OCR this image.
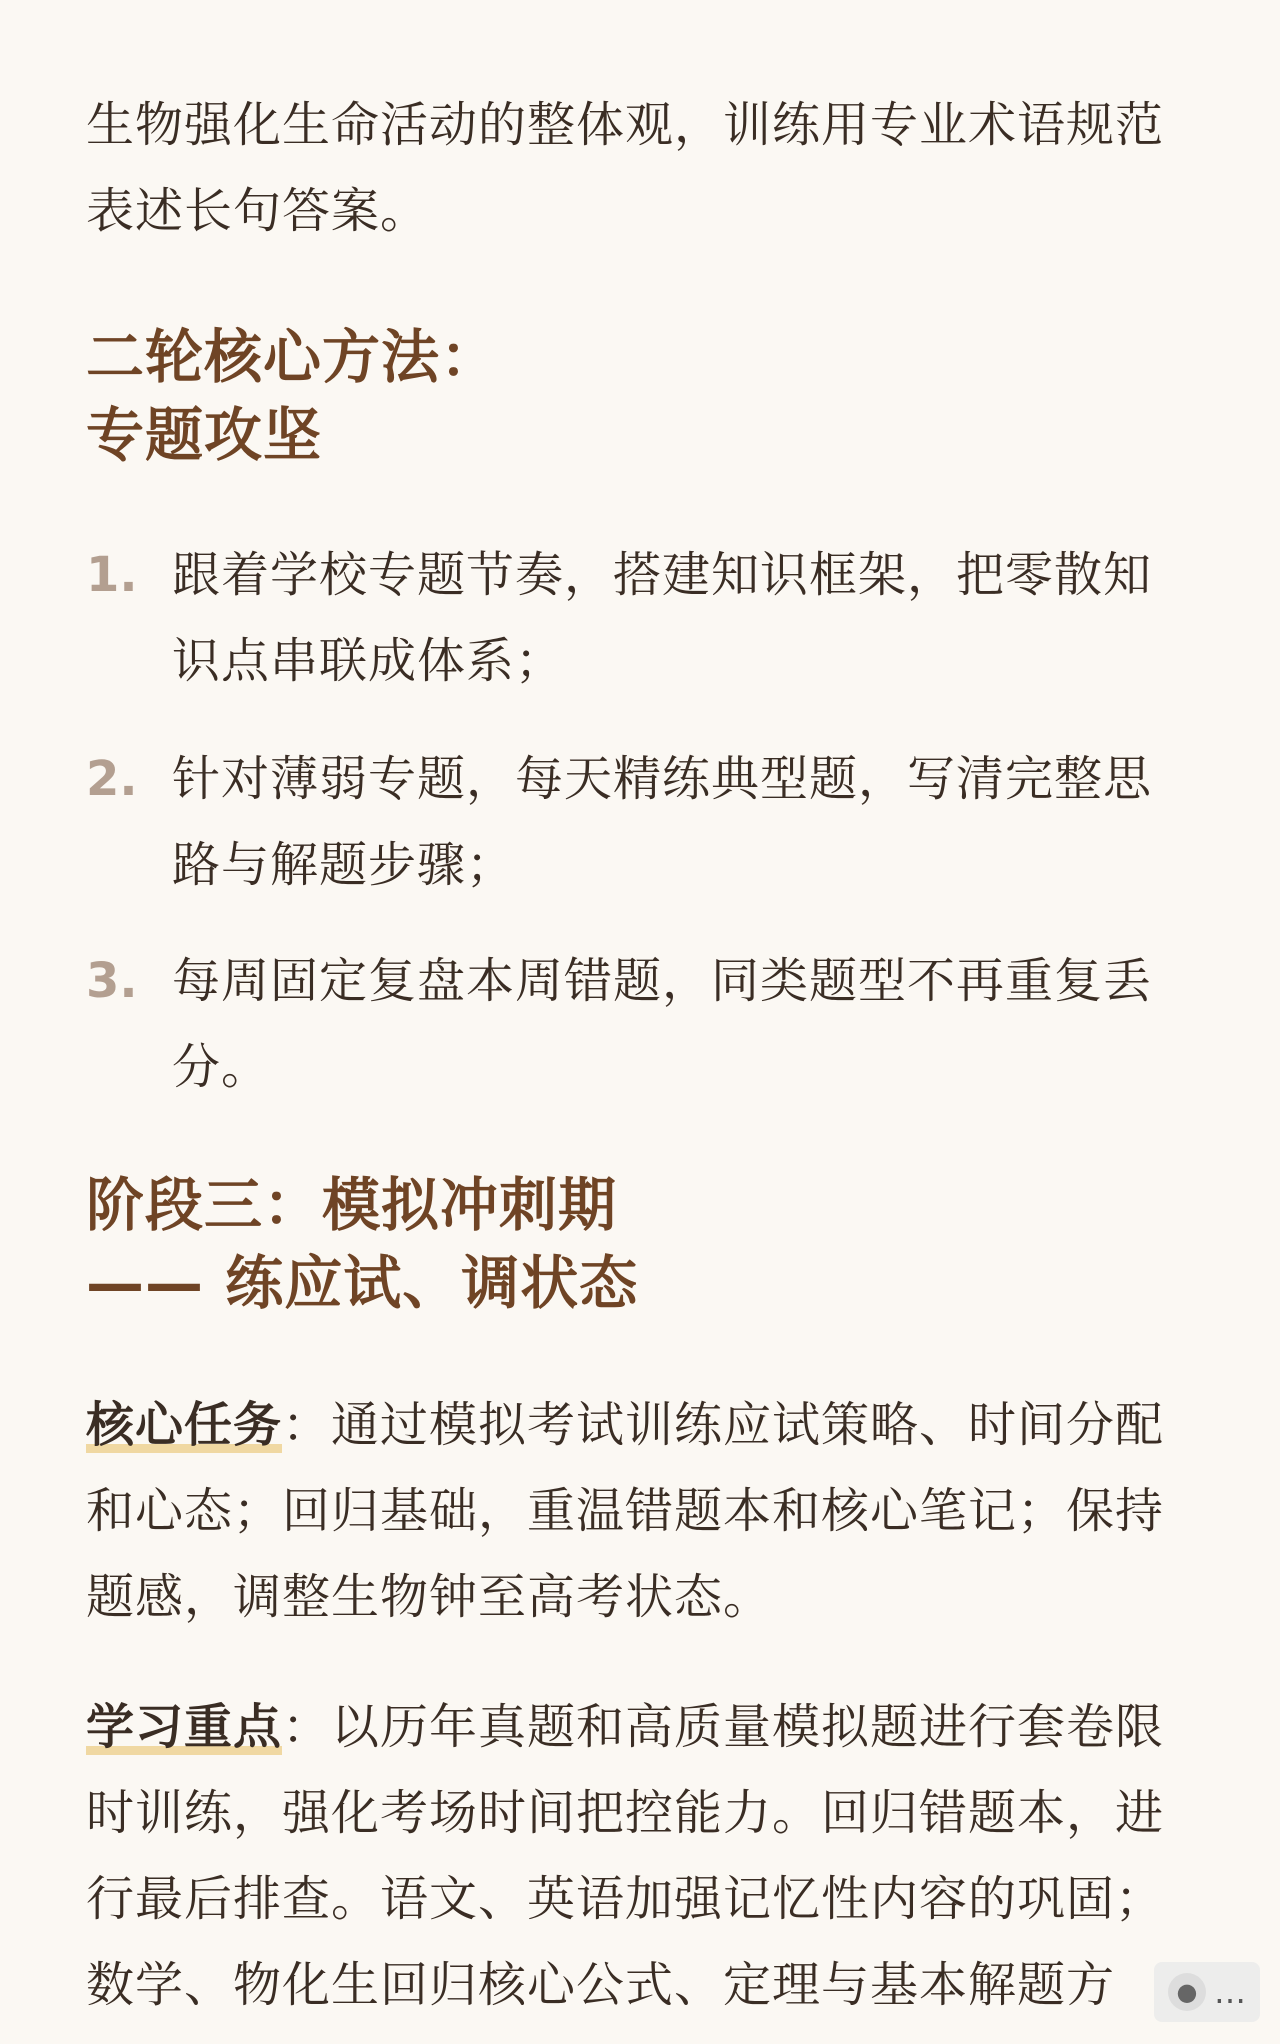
生物强化生命活动的整体观，训练用专业术语规范
表述长句答案。
二轮核心方法：
专题攻坚
1. 跟着学校专题节奏，搭建知识框架，把零散知
识点串联成体系；
2. 针对薄弱专题，每天精练典型题，写清完整思
路与解题步骤；
3. 每周固定复盘本周错题，同类题型不再重复丢
分。
阶段三：模拟冲刺期
—— 练应试、调状态
核心任务：通过模拟考试训练应试策略、时间分配
和心态；回归基础，重温错题本和核心笔记；保持
题感，调整生物钟至高考状态。
学习重点：以历年真题和高质量模拟题进行套卷限
时训练，强化考场时间把控能力。回归错题本，进
行最后排查。语文、英语加强记忆性内容的巩固；
数学、物化生回归核心公式、定理与基本解题方	● …
